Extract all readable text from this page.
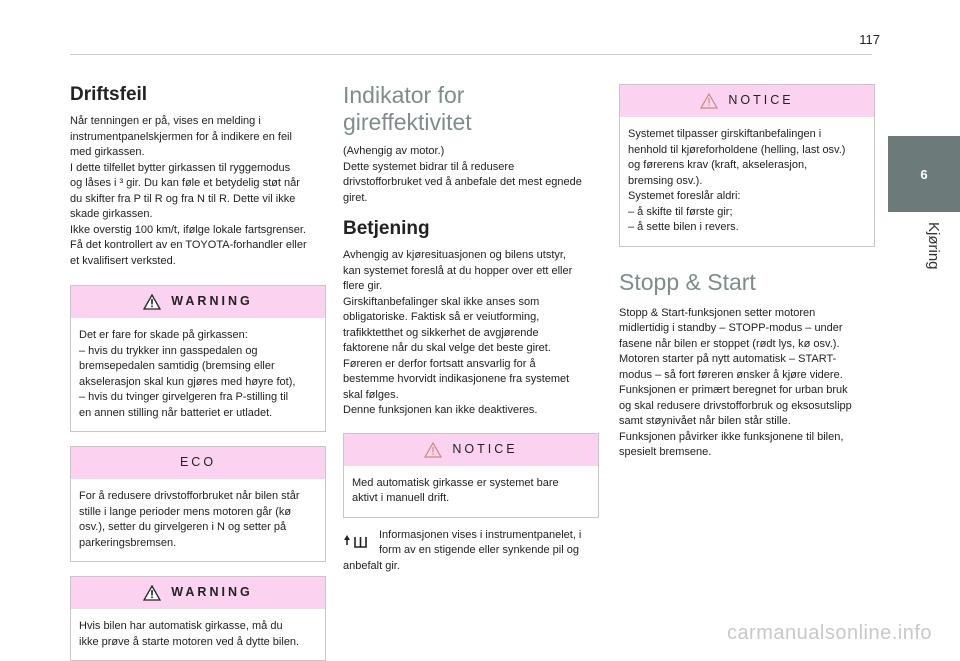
117
6
Kjøring
Driftsfeil

Når tenningen er på, vises en melding i
instrumentpanelskjermen for å indikere en feil
med girkassen.
I dette tilfellet bytter girkassen til ryggemodus
og låses i ³ gir. Du kan føle et betydelig støt når
du skifter fra P til R og fra N til R. Dette vil ikke
skade girkassen.
Ikke overstig 100 km/t, ifølge lokale fartsgrenser.
Få det kontrollert av en TOYOTA-forhandler eller
et kvalifisert verksted.

WARNING
Det er fare for skade på girkassen:
– hvis du trykker inn gasspedalen og
bremsepedalen samtidig (bremsing eller
akselerasjon skal kun gjøres med høyre fot),
– hvis du tvinger girvelgeren fra P-stilling til
en annen stilling når batteriet er utladet.
ECO
For å redusere drivstofforbruket når bilen står
stille i lange perioder mens motoren går (kø
osv.), setter du girvelgeren i N og setter på
parkeringsbremsen.
WARNING
Hvis bilen har automatisk girkasse, må du
ikke prøve å starte motoren ved å dytte bilen.
Indikator for gireffektivitet

(Avhengig av motor.)
Dette systemet bidrar til å redusere
drivstofforbruket ved å anbefale det mest egnede
giret.

Betjening

Avhengig av kjøresituasjonen og bilens utstyr,
kan systemet foreslå at du hopper over ett eller
flere gir.
Girskiftanbefalinger skal ikke anses som
obligatoriske. Faktisk så er veiutforming,
trafikktetthet og sikkerhet de avgjørende
faktorene når du skal velge det beste giret.
Føreren er derfor fortsatt ansvarlig for å
bestemme hvorvidt indikasjonene fra systemet
skal følges.
Denne funksjonen kan ikke deaktiveres.

NOTICE
Med automatisk girkasse er systemet bare
aktivt i manuell drift.
Informasjonen vises i instrumentpanelet, i
form av en stigende eller synkende pil og
anbefalt gir.
NOTICE
Systemet tilpasser girskiftanbefalingen i
henhold til kjøreforholdene (helling, last osv.)
og førerens krav (kraft, akselerasjon,
bremsing osv.).
Systemet foreslår aldri:
– å skifte til første gir;
– å sette bilen i revers.
Stopp & Start

Stopp & Start-funksjonen setter motoren
midlertidig i standby – STOPP-modus – under
fasene når bilen er stoppet (rødt lys, kø osv.).
Motoren starter på nytt automatisk – START-
modus – så fort føreren ønsker å kjøre videre.
Funksjonen er primært beregnet for urban bruk
og skal redusere drivstofforbruk og eksosutslipp
samt støynivået når bilen står stille.
Funksjonen påvirker ikke funksjonene til bilen,
spesielt bremsene.

carmanualsonline.info
